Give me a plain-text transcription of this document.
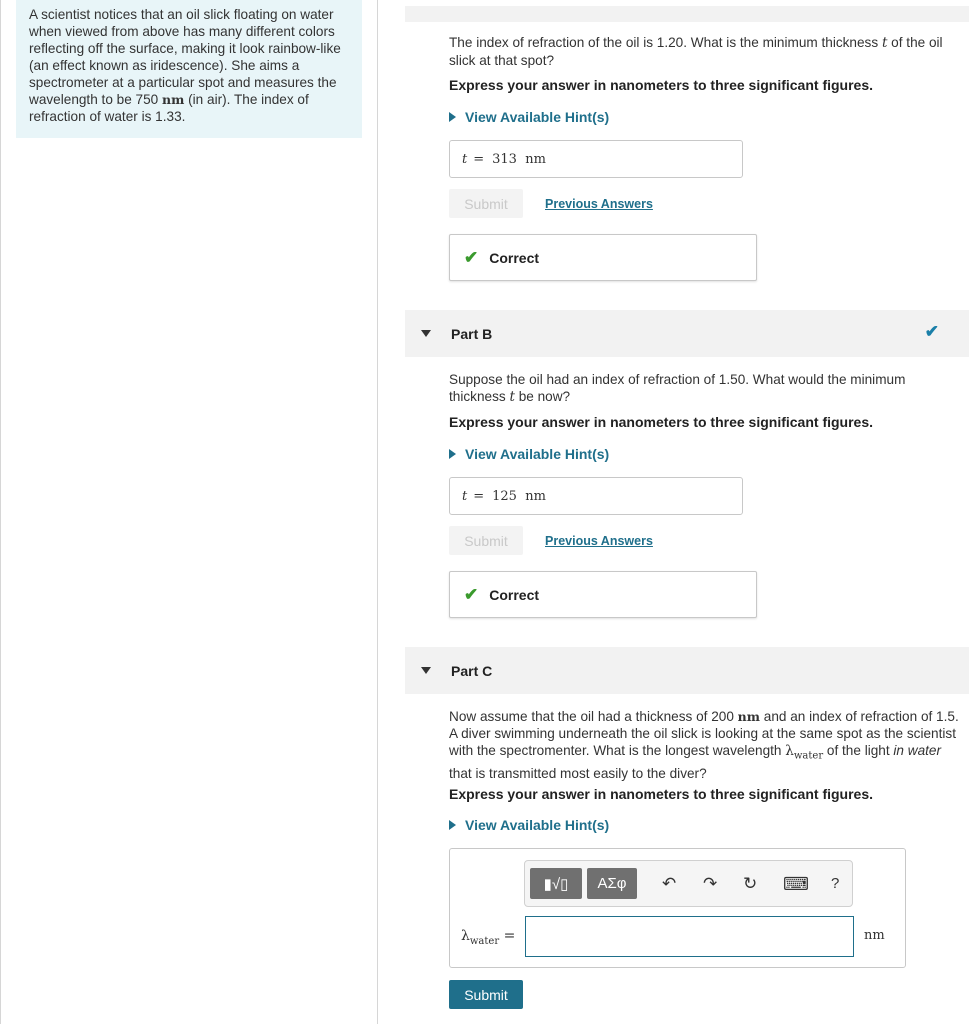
A scientist notices that an oil slick floating on water when viewed from above has many different colors reflecting off the surface, making it look rainbow-like (an effect known as iridescence). She aims a spectrometer at a particular spot and measures the wavelength to be 750 nm (in air). The index of refraction of water is 1.33.
The index of refraction of the oil is 1.20. What is the minimum thickness t of the oil slick at that spot?
Express your answer in nanometers to three significant figures.
View Available Hint(s)
t = 313
nm
Submit	Previous Answers
✔ Correct
Part B	✔
Suppose the oil had an index of refraction of 1.50. What would the minimum thickness t be now?
Express your answer in nanometers to three significant figures.
View Available Hint(s)
t = 125
nm
Submit	Previous Answers
✔ Correct
Part C
Now assume that the oil had a thickness of 200 nm and an index of refraction of 1.5. A diver swimming underneath the oil slick is looking at the same spot as the scientist with the spectromenter. What is the longest wavelength $\lambda_{water}$ of the light in water that is transmitted most easily to the diver?
Express your answer in nanometers to three significant figures.
View Available Hint(s)
▮√▯	ΑΣφ	↶ ↷ ↻ ⌨ ?
$\lambda_{water}$ =	nm
Submit
